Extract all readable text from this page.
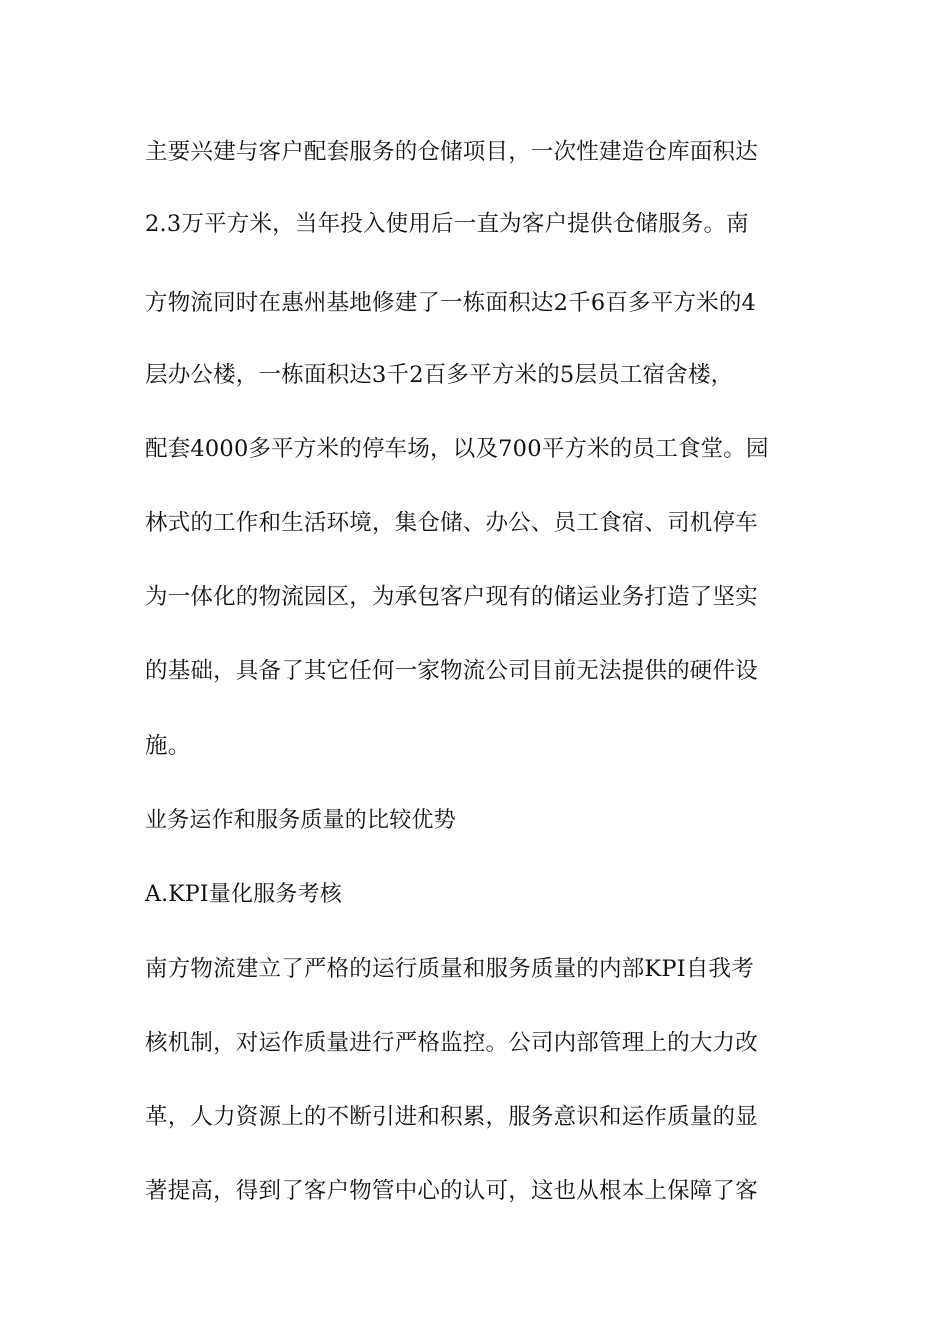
主要兴建与客户配套服务的仓储项目，一次性建造仓库面积达
2.3万平方米，当年投入使用后一直为客户提供仓储服务。南
方物流同时在惠州基地修建了一栋面积达2千6百多平方米的4
层办公楼，一栋面积达3千2百多平方米的5层员工宿舍楼，
配套4000多平方米的停车场，以及700平方米的员工食堂。园
林式的工作和生活环境，集仓储、办公、员工食宿、司机停车
为一体化的物流园区，为承包客户现有的储运业务打造了坚实
的基础，具备了其它任何一家物流公司目前无法提供的硬件设
施。
业务运作和服务质量的比较优势
A.KPI量化服务考核
南方物流建立了严格的运行质量和服务质量的内部KPI自我考
核机制，对运作质量进行严格监控。公司内部管理上的大力改
革，人力资源上的不断引进和积累，服务意识和运作质量的显
著提高，得到了客户物管中心的认可，这也从根本上保障了客
